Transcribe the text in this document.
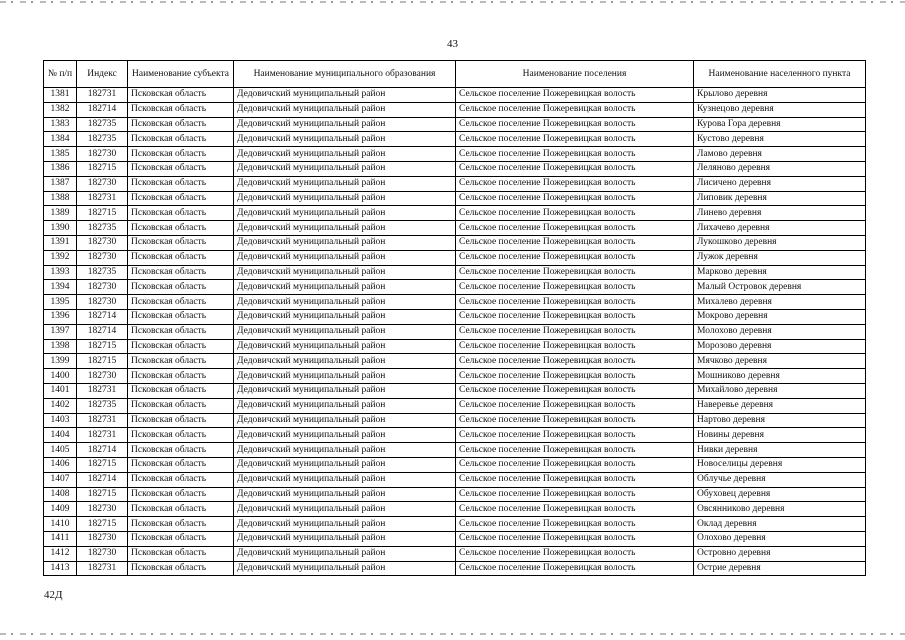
43
№ п/п	Индекс	Наименование субъекта	Наименование муниципального образования	Наименование поселения	Наименование населенного пункта
1381	182731	Псковская область	Дедовичский муниципальный район	Сельское поселение Пожеревицкая волость	Крылово деревня
1382	182714	Псковская область	Дедовичский муниципальный район	Сельское поселение Пожеревицкая волость	Кузнецово деревня
1383	182735	Псковская область	Дедовичский муниципальный район	Сельское поселение Пожеревицкая волость	Курова Гора деревня
1384	182735	Псковская область	Дедовичский муниципальный район	Сельское поселение Пожеревицкая волость	Кустово деревня
1385	182730	Псковская область	Дедовичский муниципальный район	Сельское поселение Пожеревицкая волость	Ламово деревня
1386	182715	Псковская область	Дедовичский муниципальный район	Сельское поселение Пожеревицкая волость	Леляново деревня
1387	182730	Псковская область	Дедовичский муниципальный район	Сельское поселение Пожеревицкая волость	Лисичено деревня
1388	182731	Псковская область	Дедовичский муниципальный район	Сельское поселение Пожеревицкая волость	Липовик деревня
1389	182715	Псковская область	Дедовичский муниципальный район	Сельское поселение Пожеревицкая волость	Линево деревня
1390	182735	Псковская область	Дедовичский муниципальный район	Сельское поселение Пожеревицкая волость	Лихачево деревня
1391	182730	Псковская область	Дедовичский муниципальный район	Сельское поселение Пожеревицкая волость	Лукошково деревня
1392	182730	Псковская область	Дедовичский муниципальный район	Сельское поселение Пожеревицкая волость	Лужок деревня
1393	182735	Псковская область	Дедовичский муниципальный район	Сельское поселение Пожеревицкая волость	Марково деревня
1394	182730	Псковская область	Дедовичский муниципальный район	Сельское поселение Пожеревицкая волость	Малый Островок деревня
1395	182730	Псковская область	Дедовичский муниципальный район	Сельское поселение Пожеревицкая волость	Михалево деревня
1396	182714	Псковская область	Дедовичский муниципальный район	Сельское поселение Пожеревицкая волость	Мокрово деревня
1397	182714	Псковская область	Дедовичский муниципальный район	Сельское поселение Пожеревицкая волость	Молохово деревня
1398	182715	Псковская область	Дедовичский муниципальный район	Сельское поселение Пожеревицкая волость	Морозово деревня
1399	182715	Псковская область	Дедовичский муниципальный район	Сельское поселение Пожеревицкая волость	Мячково деревня
1400	182730	Псковская область	Дедовичский муниципальный район	Сельское поселение Пожеревицкая волость	Мошниково деревня
1401	182731	Псковская область	Дедовичский муниципальный район	Сельское поселение Пожеревицкая волость	Михайлово деревня
1402	182735	Псковская область	Дедовичский муниципальный район	Сельское поселение Пожеревицкая волость	Наверевье деревня
1403	182731	Псковская область	Дедовичский муниципальный район	Сельское поселение Пожеревицкая волость	Нартово деревня
1404	182731	Псковская область	Дедовичский муниципальный район	Сельское поселение Пожеревицкая волость	Новины деревня
1405	182714	Псковская область	Дедовичский муниципальный район	Сельское поселение Пожеревицкая волость	Нивки деревня
1406	182715	Псковская область	Дедовичский муниципальный район	Сельское поселение Пожеревицкая волость	Новоселицы деревня
1407	182714	Псковская область	Дедовичский муниципальный район	Сельское поселение Пожеревицкая волость	Облучье деревня
1408	182715	Псковская область	Дедовичский муниципальный район	Сельское поселение Пожеревицкая волость	Обуховец деревня
1409	182730	Псковская область	Дедовичский муниципальный район	Сельское поселение Пожеревицкая волость	Овсянниково деревня
1410	182715	Псковская область	Дедовичский муниципальный район	Сельское поселение Пожеревицкая волость	Оклад деревня
1411	182730	Псковская область	Дедовичский муниципальный район	Сельское поселение Пожеревицкая волость	Олохово деревня
1412	182730	Псковская область	Дедовичский муниципальный район	Сельское поселение Пожеревицкая волость	Островно деревня
1413	182731	Псковская область	Дедовичский муниципальный район	Сельское поселение Пожеревицкая волость	Острие деревня
42Д
